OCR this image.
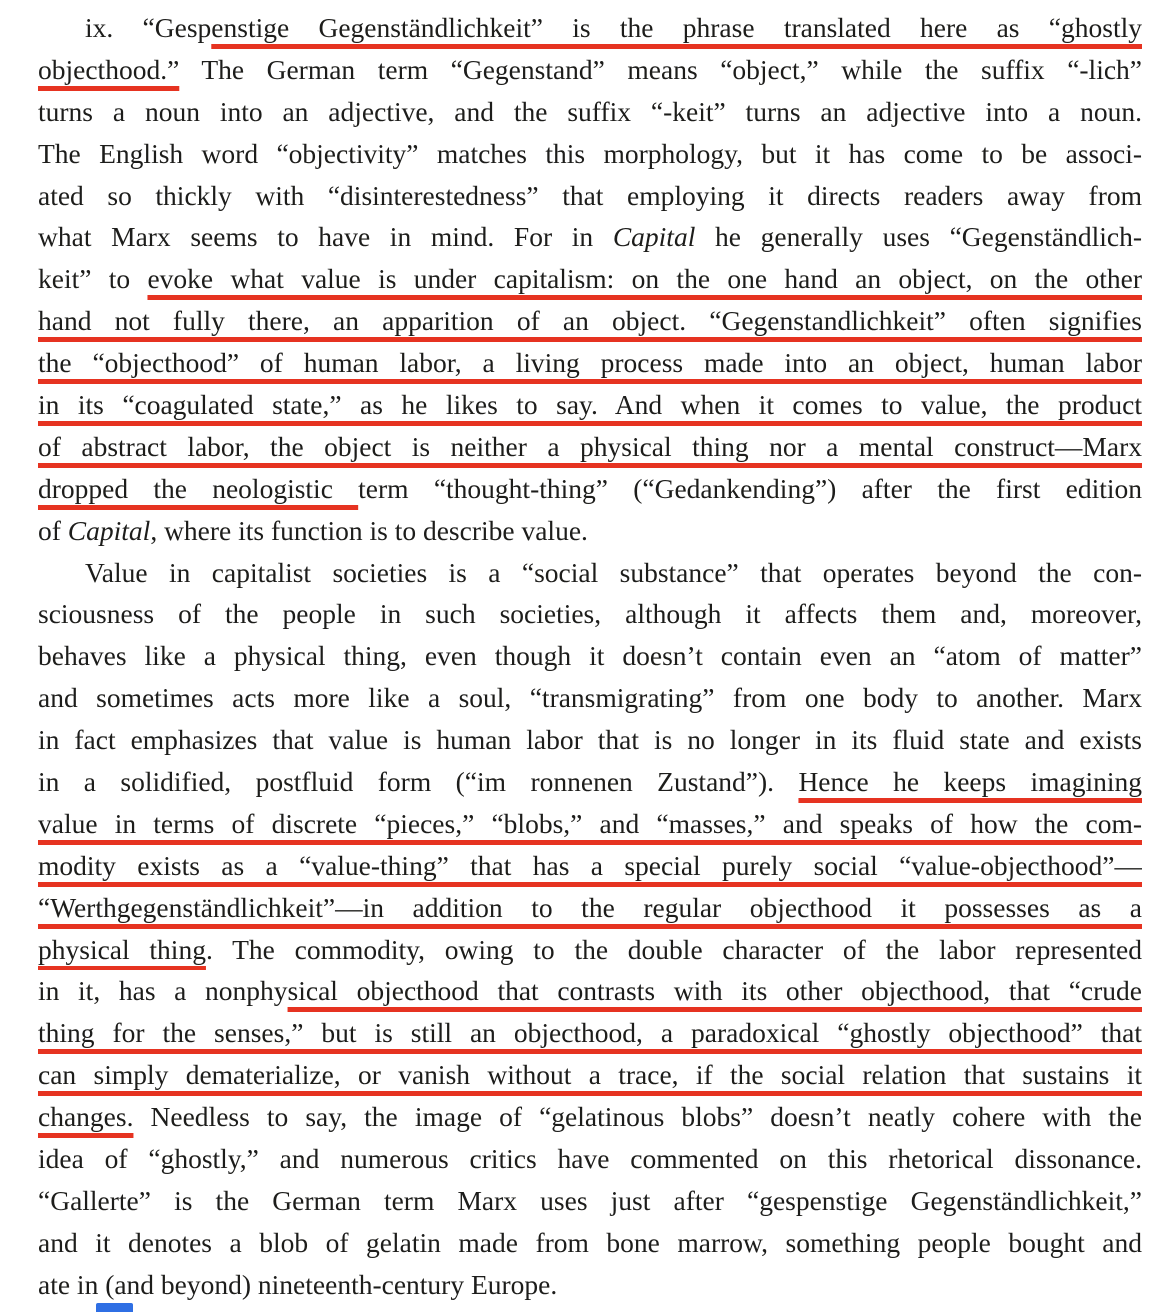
ix. “Gespenstige Gegenständlichkeit” is the phrase translated here as “ghostly
objecthood.” The German term “Gegenstand” means “object,” while the suffix “-lich”
turns a noun into an adjective, and the suffix “-keit” turns an adjective into a noun.
The English word “objectivity” matches this morphology, but it has come to be associ-
ated so thickly with “disinterestedness” that employing it directs readers away from
what Marx seems to have in mind. For in Capital he generally uses “Gegenständlich-
keit” to evoke what value is under capitalism: on the one hand an object, on the other
hand not fully there, an apparition of an object. “Gegenstandlichkeit” often signifies
the “objecthood” of human labor, a living process made into an object, human labor
in its “coagulated state,” as he likes to say. And when it comes to value, the product
of abstract labor, the object is neither a physical thing nor a mental construct—Marx
dropped the neologistic term “thought-thing” (“Gedankending”) after the first edition
of Capital, where its function is to describe value.
Value in capitalist societies is a “social substance” that operates beyond the con-
sciousness of the people in such societies, although it affects them and, moreover,
behaves like a physical thing, even though it doesn’t contain even an “atom of matter”
and sometimes acts more like a soul, “transmigrating” from one body to another. Marx
in fact emphasizes that value is human labor that is no longer in its fluid state and exists
in a solidified, postfluid form (“im ronnenen Zustand”). Hence he keeps imagining
value in terms of discrete “pieces,” “blobs,” and “masses,” and speaks of how the com-
modity exists as a “value-thing” that has a special purely social “value-objecthood”—
“Werthgegenständlichkeit”—in addition to the regular objecthood it possesses as a
physical thing. The commodity, owing to the double character of the labor represented
in it, has a nonphysical objecthood that contrasts with its other objecthood, that “crude
thing for the senses,” but is still an objecthood, a paradoxical “ghostly objecthood” that
can simply dematerialize, or vanish without a trace, if the social relation that sustains it
changes. Needless to say, the image of “gelatinous blobs” doesn’t neatly cohere with the
idea of “ghostly,” and numerous critics have commented on this rhetorical dissonance.
“Gallerte” is the German term Marx uses just after “gespenstige Gegenständlichkeit,”
and it denotes a blob of gelatin made from bone marrow, something people bought and
ate in (and beyond) nineteenth-century Europe.
